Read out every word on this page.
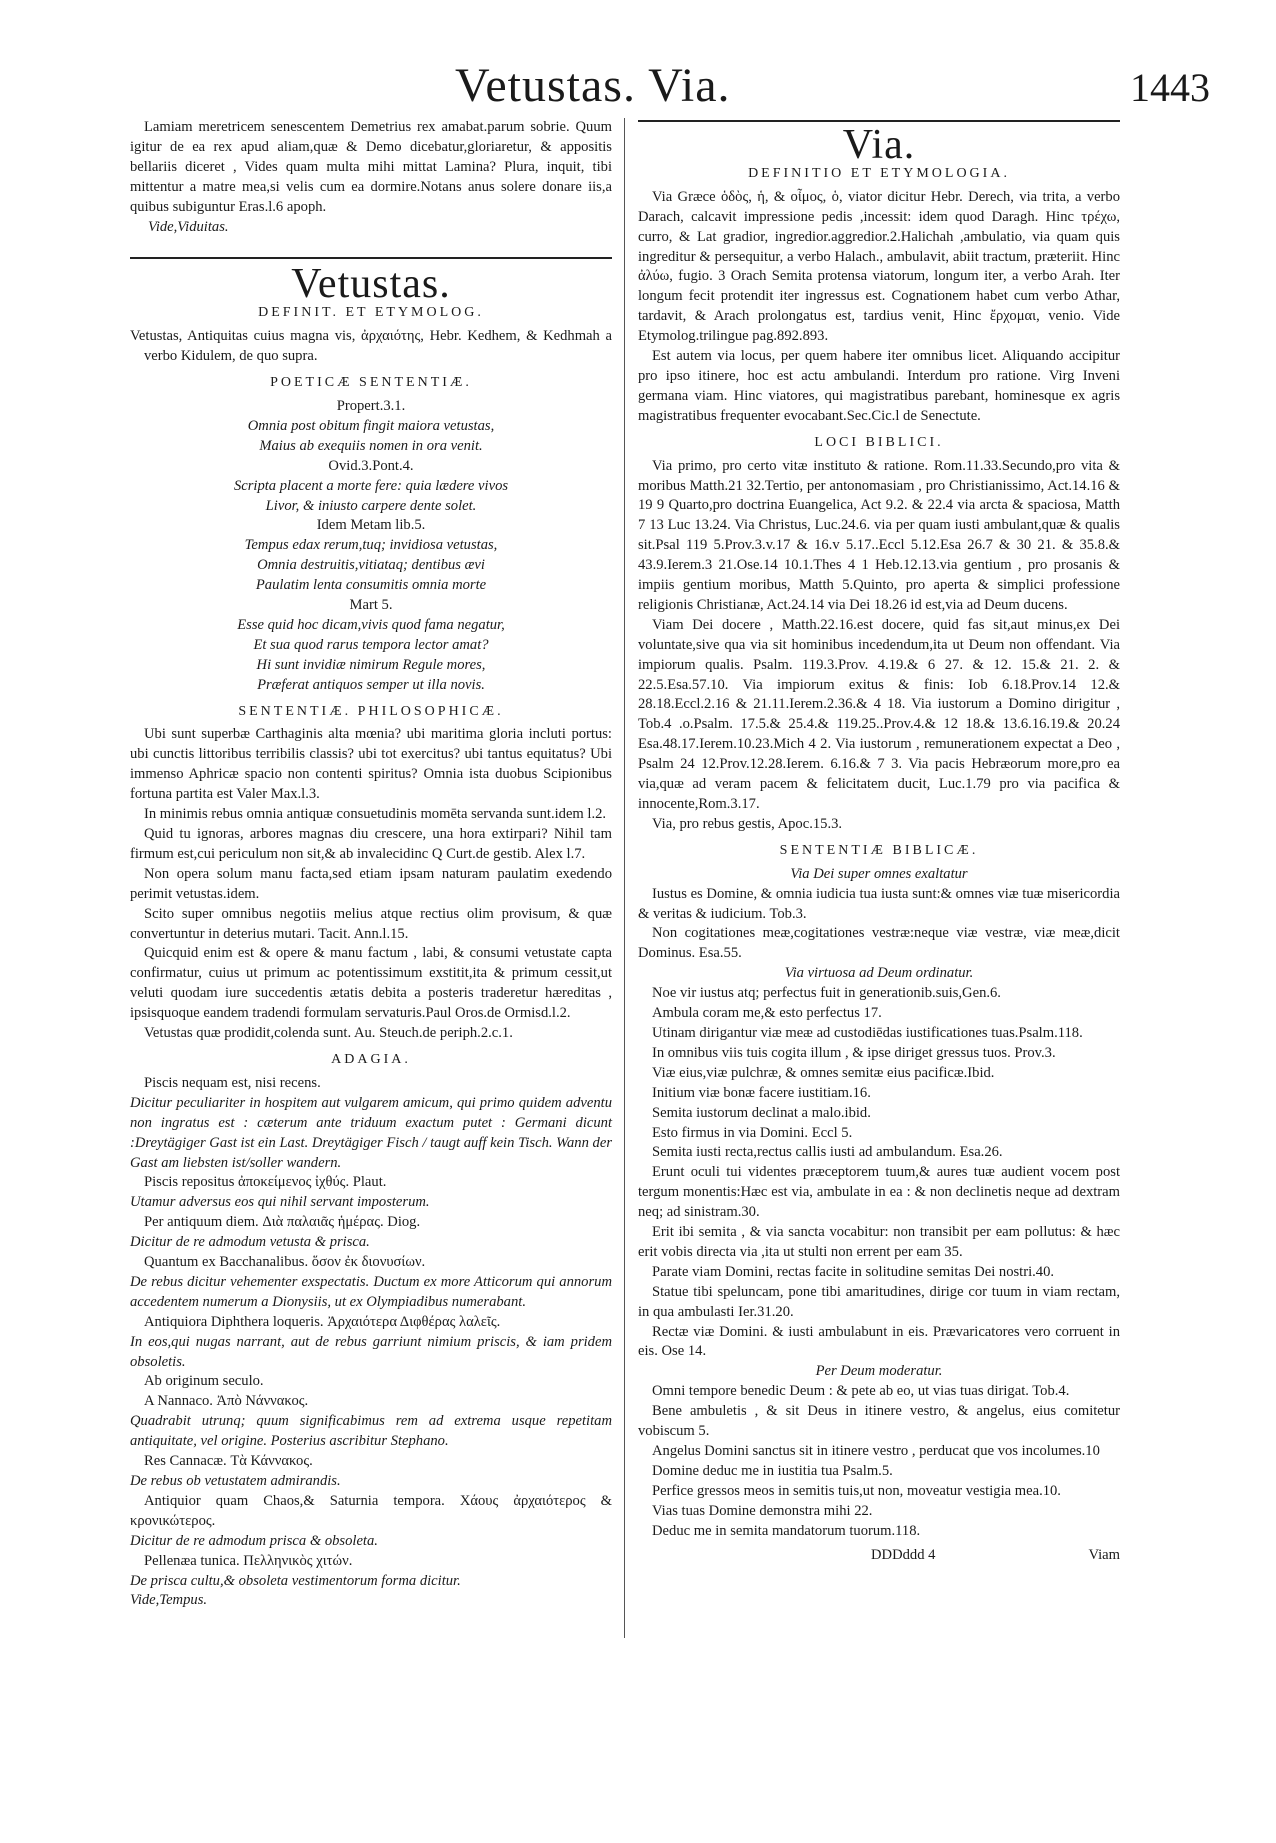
Vetustas. Via.	1443

Lamiam meretricem senescentem Demetrius rex amabat.parum sobrie. Quum igitur de ea rex apud aliam,quæ & Demo dicebatur,gloriaretur, & appositis bellariis diceret , Vides quam multa mihi mittat Lamina? Plura, inquit, tibi mittentur a matre mea,si velis cum ea dormire.Notans anus solere donare iis,a quibus subiguntur Eras.l.6 apoph.

Vide,Viduitas.

Vetustas.
DEFINIT. ET ETYMOLOG.

Vetustas, Antiquitas cuius magna vis, ἀρχαιότης, Hebr. Kedhem, & Kedhmah a verbo Kidulem, de quo supra.

POETICÆ SENTENTIÆ.

Propert.3.1.

Omnia post obitum fingit maiora vetustas,

Maius ab exequiis nomen in ora venit.

Ovid.3.Pont.4.

Scripta placent a morte fere: quia lædere vivos

Livor, & iniusto carpere dente solet.

Idem Metam lib.5.

Tempus edax rerum,tuq; invidiosa vetustas,

Omnia destruitis,vitiataq; dentibus ævi

Paulatim lenta consumitis omnia morte

Mart 5.

Esse quid hoc dicam,vivis quod fama negatur,

Et sua quod rarus tempora lector amat?

Hi sunt invidiæ nimirum Regule mores,

Præferat antiquos semper ut illa novis.

SENTENTIÆ. PHILOSOPHICÆ.

Ubi sunt superbæ Carthaginis alta mœnia? ubi maritima gloria incluti portus: ubi cunctis littoribus terribilis classis? ubi tot exercitus? ubi tantus equitatus? Ubi immenso Aphricæ spacio non contenti spiritus? Omnia ista duobus Scipionibus fortuna partita est Valer Max.l.3.

In minimis rebus omnia antiquæ consuetudinis momēta servanda sunt.idem l.2.

Quid tu ignoras, arbores magnas diu crescere, una hora extirpari? Nihil tam firmum est,cui periculum non sit,& ab invalecidinc Q Curt.de gestib. Alex l.7.

Non opera solum manu facta,sed etiam ipsam naturam paulatim exedendo perimit vetustas.idem.

Scito super omnibus negotiis melius atque rectius olim provisum, & quæ convertuntur in deterius mutari. Tacit. Ann.l.15.

Quicquid enim est & opere & manu factum , labi, & consumi vetustate capta confirmatur, cuius ut primum ac potentissimum exstitit,ita & primum cessit,ut veluti quodam iure succedentis ætatis debita a posteris traderetur hæreditas , ipsisquoque eandem tradendi formulam servaturis.Paul Oros.de Ormisd.l.2.

Vetustas quæ prodidit,colenda sunt. Au. Steuch.de periph.2.c.1.

ADAGIA.

Piscis nequam est, nisi recens.

Dicitur peculiariter in hospitem aut vulgarem amicum, qui primo quidem adventu non ingratus est : cæterum ante triduum exactum putet : Germani dicunt :Dreytägiger Gast ist ein Last. Dreytägiger Fisch / taugt auff kein Tisch. Wann der Gast am liebsten ist/soller wandern.

Piscis repositus ἀποκείμενος ἰχθύς. Plaut.

Utamur adversus eos qui nihil servant imposterum.

Per antiquum diem. Διὰ παλαιᾶς ἡμέρας. Diog.

Dicitur de re admodum vetusta & prisca.

Quantum ex Bacchanalibus. ὅσον ἐκ διονυσίων.

De rebus dicitur vehementer exspectatis. Ductum ex more Atticorum qui annorum accedentem numerum a Dionysiis, ut ex Olympiadibus numerabant.

Antiquiora Diphthera loqueris. Ἀρχαιότερα Διφθέρας λαλεῖς.

In eos,qui nugas narrant, aut de rebus garriunt nimium priscis, & iam pridem obsoletis.

Ab originum seculo.

A Nannaco. Ἀπὸ Νάννακος.

Quadrabit utrunq; quum significabimus rem ad extrema usque repetitam antiquitate, vel origine. Posterius ascribitur Stephano.

Res Cannacæ. Τὰ Κάννακος.

De rebus ob vetustatem admirandis.

Antiquior quam Chaos,& Saturnia tempora. Χάους ἀρχαιότερος & κρονικώτερος.

Dicitur de re admodum prisca & obsoleta.

Pellenæa tunica. Πελληνικὸς χιτών.

De prisca cultu,& obsoleta vestimentorum forma dicitur.

Vide,Tempus.

Via.
DEFINITIO ET ETYMOLOGIA.

Via Græce ὁδὸς, ἡ, & οἶμος, ὁ, viator dicitur Hebr. Derech, via trita, a verbo Darach, calcavit impressione pedis ,incessit: idem quod Daragh. Hinc τρέχω, curro, & Lat gradior, ingredior.aggredior.2.Halichah ,ambulatio, via quam quis ingreditur & persequitur, a verbo Halach., ambulavit, abiit tractum, præteriit. Hinc ἀλύω, fugio. 3 Orach Semita protensa viatorum, longum iter, a verbo Arah. Iter longum fecit protendit iter ingressus est. Cognationem habet cum verbo Athar, tardavit, & Arach prolongatus est, tardius venit, Hinc ἔρχομαι, venio. Vide Etymolog.trilingue pag.892.893.

Est autem via locus, per quem habere iter omnibus licet. Aliquando accipitur pro ipso itinere, hoc est actu ambulandi. Interdum pro ratione. Virg Inveni germana viam. Hinc viatores, qui magistratibus parebant, hominesque ex agris magistratibus frequenter evocabant.Sec.Cic.l de Senectute.

LOCI BIBLICI.

Via primo, pro certo vitæ instituto & ratione. Rom.11.33.Secundo,pro vita & moribus Matth.21 32.Tertio, per antonomasiam , pro Christianissimo, Act.14.16 & 19 9 Quarto,pro doctrina Euangelica, Act 9.2. & 22.4 via arcta & spaciosa, Matth 7 13 Luc 13.24. Via Christus, Luc.24.6. via per quam iusti ambulant,quæ & qualis sit.Psal 119 5.Prov.3.v.17 & 16.v 5.17..Eccl 5.12.Esa 26.7 & 30 21. & 35.8.& 43.9.Ierem.3 21.Ose.14 10.1.Thes 4 1 Heb.12.13.via gentium , pro prosanis & impiis gentium moribus, Matth 5.Quinto, pro aperta & simplici professione religionis Christianæ, Act.24.14 via Dei 18.26 id est,via ad Deum ducens.

Viam Dei docere , Matth.22.16.est docere, quid fas sit,aut minus,ex Dei voluntate,sive qua via sit hominibus incedendum,ita ut Deum non offendant. Via impiorum qualis. Psalm. 119.3.Prov. 4.19.& 6 27. & 12. 15.& 21. 2. & 22.5.Esa.57.10. Via impiorum exitus & finis: Iob 6.18.Prov.14 12.& 28.18.Eccl.2.16 & 21.11.Ierem.2.36.& 4 18. Via iustorum a Domino dirigitur , Tob.4 .o.Psalm. 17.5.& 25.4.& 119.25..Prov.4.& 12 18.& 13.6.16.19.& 20.24 Esa.48.17.Ierem.10.23.Mich 4 2. Via iustorum , remunerationem expectat a Deo , Psalm 24 12.Prov.12.28.Ierem. 6.16.& 7 3. Via pacis Hebræorum more,pro ea via,quæ ad veram pacem & felicitatem ducit, Luc.1.79 pro via pacifica & innocente,Rom.3.17.

Via, pro rebus gestis, Apoc.15.3.

SENTENTIÆ BIBLICÆ.

Via Dei super omnes exaltatur

Iustus es Domine, & omnia iudicia tua iusta sunt:& omnes viæ tuæ misericordia & veritas & iudicium. Tob.3.

Non cogitationes meæ,cogitationes vestræ:neque viæ vestræ, viæ meæ,dicit Dominus. Esa.55.

Via virtuosa ad Deum ordinatur.

Noe vir iustus atq; perfectus fuit in generationib.suis,Gen.6.

Ambula coram me,& esto perfectus 17.

Utinam dirigantur viæ meæ ad custodiēdas iustificationes tuas.Psalm.118.

In omnibus viis tuis cogita illum , & ipse diriget gressus tuos. Prov.3.

Viæ eius,viæ pulchræ, & omnes semitæ eius pacificæ.Ibid.

Initium viæ bonæ facere iustitiam.16.

Semita iustorum declinat a malo.ibid.

Esto firmus in via Domini. Eccl 5.

Semita iusti recta,rectus callis iusti ad ambulandum. Esa.26.

Erunt oculi tui videntes præceptorem tuum,& aures tuæ audient vocem post tergum monentis:Hæc est via, ambulate in ea : & non declinetis neque ad dextram neq; ad sinistram.30.

Erit ibi semita , & via sancta vocabitur: non transibit per eam pollutus: & hæc erit vobis directa via ,ita ut stulti non errent per eam 35.

Parate viam Domini, rectas facite in solitudine semitas Dei nostri.40.

Statue tibi speluncam, pone tibi amaritudines, dirige cor tuum in viam rectam, in qua ambulasti Ier.31.20.

Rectæ viæ Domini. & iusti ambulabunt in eis. Prævaricatores vero corruent in eis. Ose 14.

Per Deum moderatur.

Omni tempore benedic Deum : & pete ab eo, ut vias tuas dirigat. Tob.4.

Bene ambuletis , & sit Deus in itinere vestro, & angelus, eius comitetur vobiscum 5.

Angelus Domini sanctus sit in itinere vestro , perducat que vos incolumes.10

Domine deduc me in iustitia tua Psalm.5.

Perfice gressos meos in semitis tuis,ut non, moveatur vestigia mea.10.

Vias tuas Domine demonstra mihi 22.

Deduc me in semita mandatorum tuorum.118.

DDDddd 4	Viam
